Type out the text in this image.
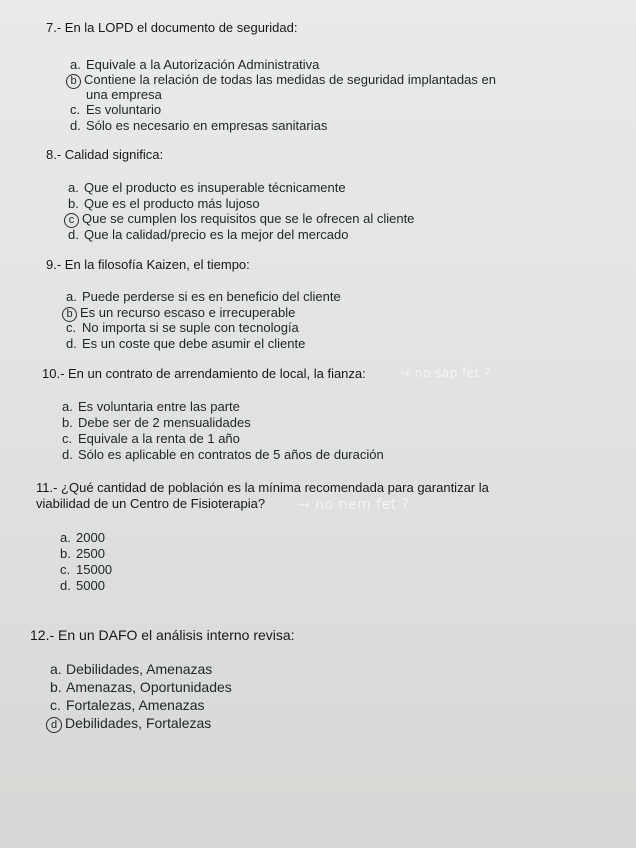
7.- En la LOPD el documento de seguridad:
a. Equivale a la Autorización Administrativa
b Contiene la relación de todas las medidas de seguridad implantadas en
una empresa
c. Es voluntario
d. Sólo es necesario en empresas sanitarias
8.- Calidad significa:
a. Que el producto es insuperable técnicamente
b. Que es el producto más lujoso
c Que se cumplen los requisitos que se le ofrecen al cliente
d. Que la calidad/precio es la mejor del mercado
9.- En la filosofía Kaizen, el tiempo:
a. Puede perderse si es en beneficio del cliente
b Es un recurso escaso e irrecuperable
c. No importa si se suple con tecnología
d. Es un coste que debe asumir el cliente
10.- En un contrato de arrendamiento de local, la fianza:	→ no sap fet ?
a. Es voluntaria entre las parte
b. Debe ser de 2 mensualidades
c. Equivale a la renta de 1 año
d. Sólo es aplicable en contratos de 5 años de duración
11.- ¿Qué cantidad de población es la mínima recomendada para garantizar la
viabilidad de un Centro de Fisioterapia? → no nem fet ?
a. 2000
b. 2500
c. 15000
d. 5000
12.- En un DAFO el análisis interno revisa:
a. Debilidades, Amenazas
b. Amenazas, Oportunidades
c. Fortalezas, Amenazas
d Debilidades, Fortalezas
